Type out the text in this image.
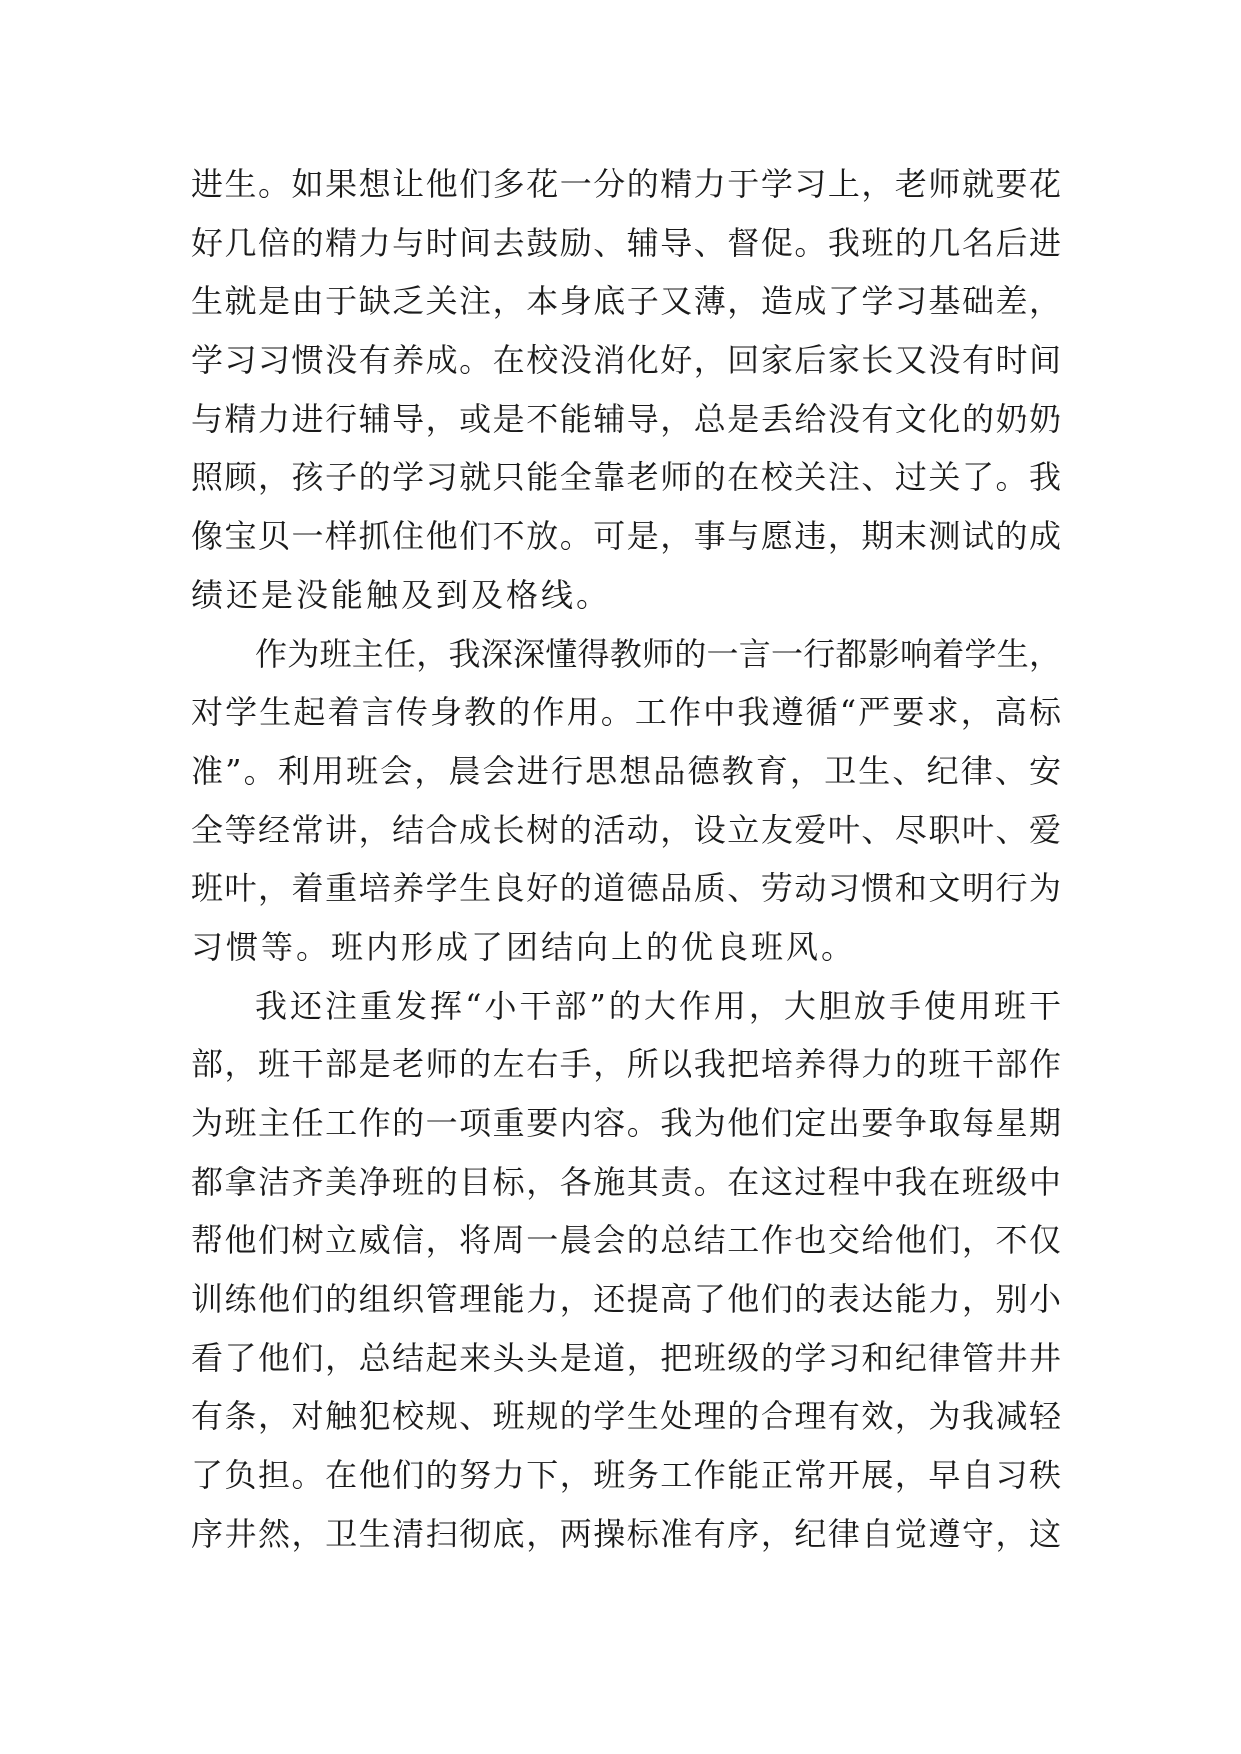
进生。如果想让他们多花一分的精力于学习上，老师就要花
好几倍的精力与时间去鼓励、辅导、督促。我班的几名后进
生就是由于缺乏关注，本身底子又薄，造成了学习基础差，
学习习惯没有养成。在校没消化好，回家后家长又没有时间
与精力进行辅导，或是不能辅导，总是丢给没有文化的奶奶
照顾，孩子的学习就只能全靠老师的在校关注、过关了。我
像宝贝一样抓住他们不放。可是，事与愿违，期末测试的成
绩还是没能触及到及格线。
作为班主任，我深深懂得教师的一言一行都影响着学生，
对学生起着言传身教的作用。工作中我遵循“严要求，高标
准”。利用班会，晨会进行思想品德教育，卫生、纪律、安
全等经常讲，结合成长树的活动，设立友爱叶、尽职叶、爱
班叶，着重培养学生良好的道德品质、劳动习惯和文明行为
习惯等。班内形成了团结向上的优良班风。
我还注重发挥“小干部”的大作用，大胆放手使用班干
部，班干部是老师的左右手，所以我把培养得力的班干部作
为班主任工作的一项重要内容。我为他们定出要争取每星期
都拿洁齐美净班的目标，各施其责。在这过程中我在班级中
帮他们树立威信，将周一晨会的总结工作也交给他们，不仅
训练他们的组织管理能力，还提高了他们的表达能力，别小
看了他们，总结起来头头是道，把班级的学习和纪律管井井
有条，对触犯校规、班规的学生处理的合理有效，为我减轻
了负担。在他们的努力下，班务工作能正常开展，早自习秩
序井然，卫生清扫彻底，两操标准有序，纪律自觉遵守，这
